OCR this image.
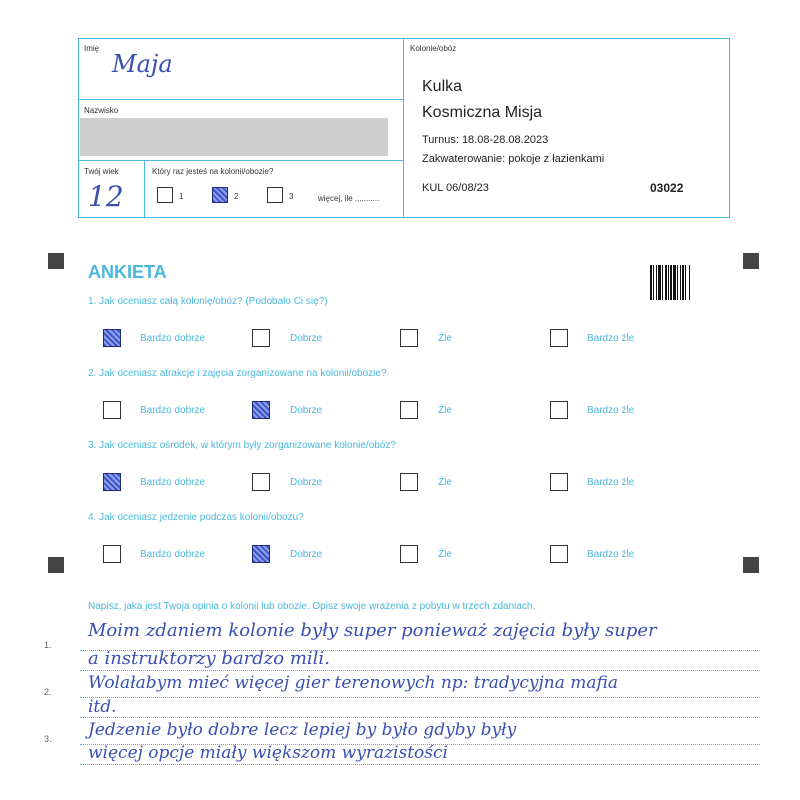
Imię
Maja
Nazwisko
Twój wiek
12
Który raz jesteś na kolonii/obozie?
1	2	3	więcej, ile ...........
Kolonie/obóz
Kulka
Kosmiczna Misja
Turnus: 18.08-28.08.2023
Zakwaterowanie: pokoje z łazienkami
KUL 06/08/23	03022
ANKIETA
1. Jak oceniasz całą kolonię/obóz? (Podobało Ci się?)
Bardzo dobrze	Dobrze	Źle	Bardzo źle
2. Jak oceniasz atrakcje i zajęcia zorganizowane na kolonii/obozie?
Bardzo dobrze	Dobrze	Źle	Bardzo źle
3. Jak oceniasz ośrodek, w którym były zorganizowane kolonie/obóz?
Bardzo dobrze	Dobrze	Źle	Bardzo źle
4. Jak oceniasz jedzenie podczas kolonii/obozu?
Bardzo dobrze	Dobrze	Źle	Bardzo źle
Napisz, jaka jest Twoja opinia o kolonii lub obozie. Opisz swoje wrażenia z pobytu w trzech zdaniach.
1.
2.
3.
Moim zdaniem kolonie były super ponieważ zajęcia były super
a instruktorzy bardzo mili.
Wolałabym mieć więcej gier terenowych np: tradycyjna mafia
itd.
Jedzenie było dobre lecz lepiej by było gdyby były
więcej opcje miały większom wyrazistości
